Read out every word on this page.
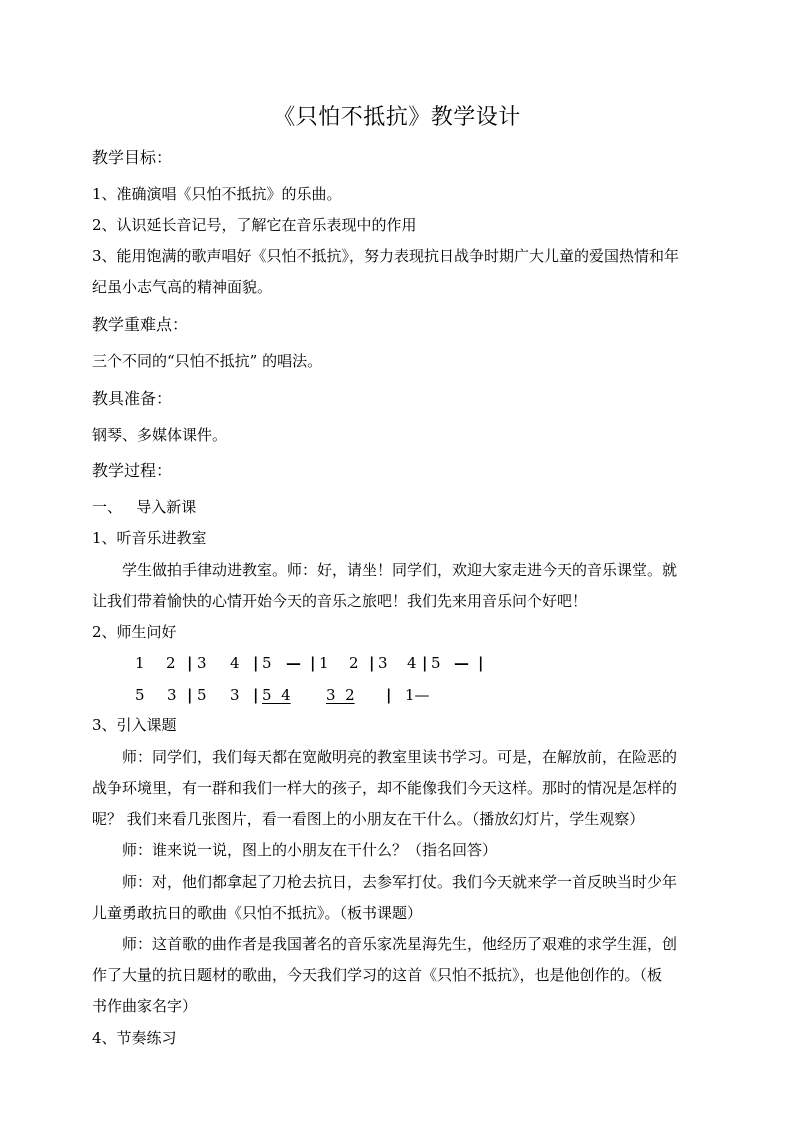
《只怕不抵抗》教学设计
教学目标：
1、准确演唱《只怕不抵抗》的乐曲。
2、认识延长音记号，了解它在音乐表现中的作用
3、能用饱满的歌声唱好《只怕不抵抗》，努力表现抗日战争时期广大儿童的爱国热情和年
纪虽小志气高的精神面貌。
教学重难点：
三个不同的“只怕不抵抗” 的唱法。
教具准备：
钢琴、多媒体课件。
教学过程：
一、   导入新课
1、听音乐进教室
学生做拍手律动进教室。师：好，请坐！同学们，欢迎大家走进今天的音乐课堂。就
让我们带着愉快的心情开始今天的音乐之旅吧！我们先来用音乐问个好吧！
2、师生问好
1 2 | 3 4 | 5 — | 1 2 | 3 4 | 5 — |
5 3 | 5 3 | 5  4 3  2 | 1—
3、引入课题
师：同学们，我们每天都在宽敞明亮的教室里读书学习。可是，在解放前，在险恶的
战争环境里，有一群和我们一样大的孩子，却不能像我们今天这样。那时的情况是怎样的
呢？ 我们来看几张图片，看一看图上的小朋友在干什么。（播放幻灯片，学生观察）
师：谁来说一说，图上的小朋友在干什么？（指名回答）
师：对，他们都拿起了刀枪去抗日，去参军打仗。我们今天就来学一首反映当时少年
儿童勇敢抗日的歌曲《只怕不抵抗》。（板书课题）
师：这首歌的曲作者是我国著名的音乐家冼星海先生，他经历了艰难的求学生涯，创
作了大量的抗日题材的歌曲，今天我们学习的这首《只怕不抵抗》，也是他创作的。（板
书作曲家名字）
4、节奏练习
